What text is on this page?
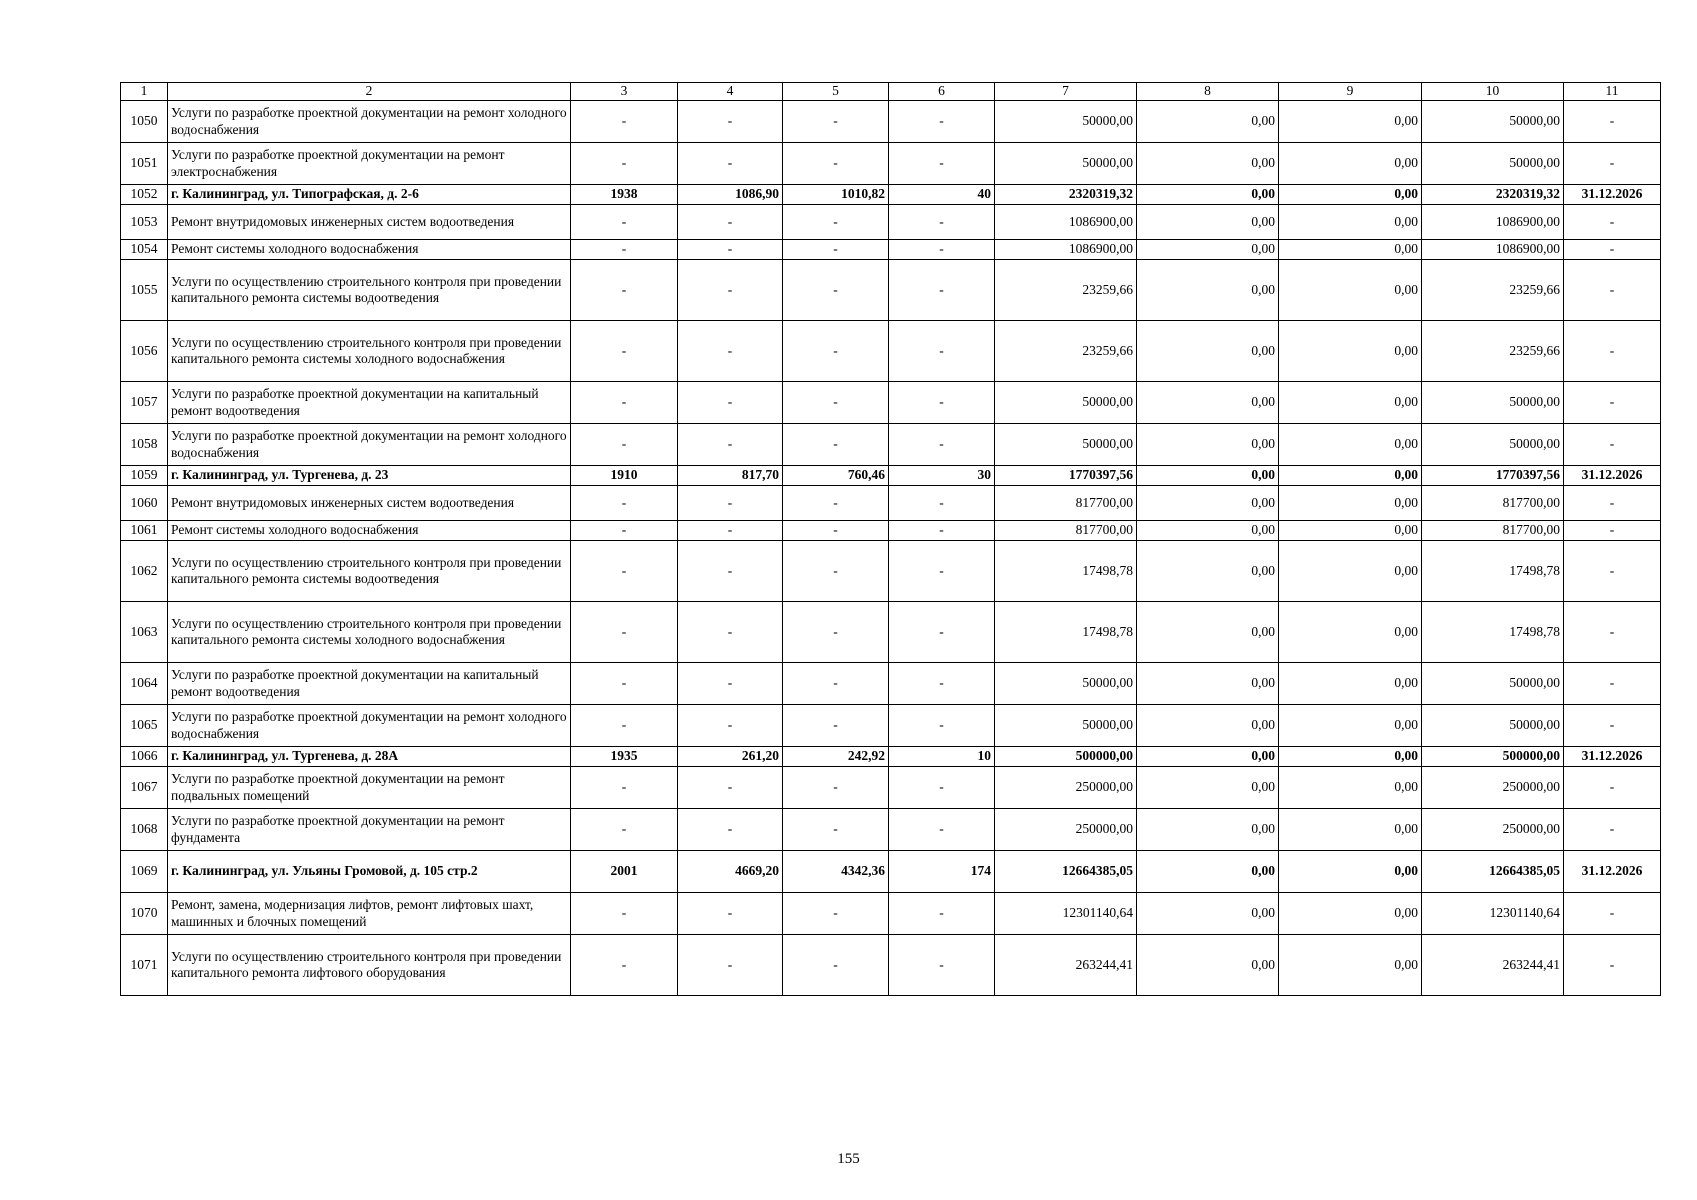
1	2	3	4	5	6	7	8	9	10	11
1050	Услуги по разработке проектной документации на ремонт холодного водоснабжения	-	-	-	-	50000,00	0,00	0,00	50000,00	-
1051	Услуги по разработке проектной документации на ремонт электроснабжения	-	-	-	-	50000,00	0,00	0,00	50000,00	-
1052	г. Калининград, ул. Типографская, д. 2-6	1938	1086,90	1010,82	40	2320319,32	0,00	0,00	2320319,32	31.12.2026
1053	Ремонт внутридомовых инженерных систем водоотведения	-	-	-	-	1086900,00	0,00	0,00	1086900,00	-
1054	Ремонт системы холодного водоснабжения	-	-	-	-	1086900,00	0,00	0,00	1086900,00	-
1055	Услуги по осуществлению строительного контроля при проведении капитального ремонта системы водоотведения	-	-	-	-	23259,66	0,00	0,00	23259,66	-
1056	Услуги по осуществлению строительного контроля при проведении капитального ремонта системы холодного водоснабжения	-	-	-	-	23259,66	0,00	0,00	23259,66	-
1057	Услуги по разработке проектной документации на капитальный ремонт водоотведения	-	-	-	-	50000,00	0,00	0,00	50000,00	-
1058	Услуги по разработке проектной документации на ремонт холодного водоснабжения	-	-	-	-	50000,00	0,00	0,00	50000,00	-
1059	г. Калининград, ул. Тургенева, д. 23	1910	817,70	760,46	30	1770397,56	0,00	0,00	1770397,56	31.12.2026
1060	Ремонт внутридомовых инженерных систем водоотведения	-	-	-	-	817700,00	0,00	0,00	817700,00	-
1061	Ремонт системы холодного водоснабжения	-	-	-	-	817700,00	0,00	0,00	817700,00	-
1062	Услуги по осуществлению строительного контроля при проведении капитального ремонта системы водоотведения	-	-	-	-	17498,78	0,00	0,00	17498,78	-
1063	Услуги по осуществлению строительного контроля при проведении капитального ремонта системы холодного водоснабжения	-	-	-	-	17498,78	0,00	0,00	17498,78	-
1064	Услуги по разработке проектной документации на капитальный ремонт водоотведения	-	-	-	-	50000,00	0,00	0,00	50000,00	-
1065	Услуги по разработке проектной документации на ремонт холодного водоснабжения	-	-	-	-	50000,00	0,00	0,00	50000,00	-
1066	г. Калининград, ул. Тургенева, д. 28А	1935	261,20	242,92	10	500000,00	0,00	0,00	500000,00	31.12.2026
1067	Услуги по разработке проектной документации на ремонт подвальных помещений	-	-	-	-	250000,00	0,00	0,00	250000,00	-
1068	Услуги по разработке проектной документации на ремонт фундамента	-	-	-	-	250000,00	0,00	0,00	250000,00	-
1069	г. Калининград, ул. Ульяны Громовой, д. 105 стр.2	2001	4669,20	4342,36	174	12664385,05	0,00	0,00	12664385,05	31.12.2026
1070	Ремонт, замена, модернизация лифтов, ремонт лифтовых шахт, машинных и блочных помещений	-	-	-	-	12301140,64	0,00	0,00	12301140,64	-
1071	Услуги по осуществлению строительного контроля при проведении капитального ремонта лифтового оборудования	-	-	-	-	263244,41	0,00	0,00	263244,41	-
155
